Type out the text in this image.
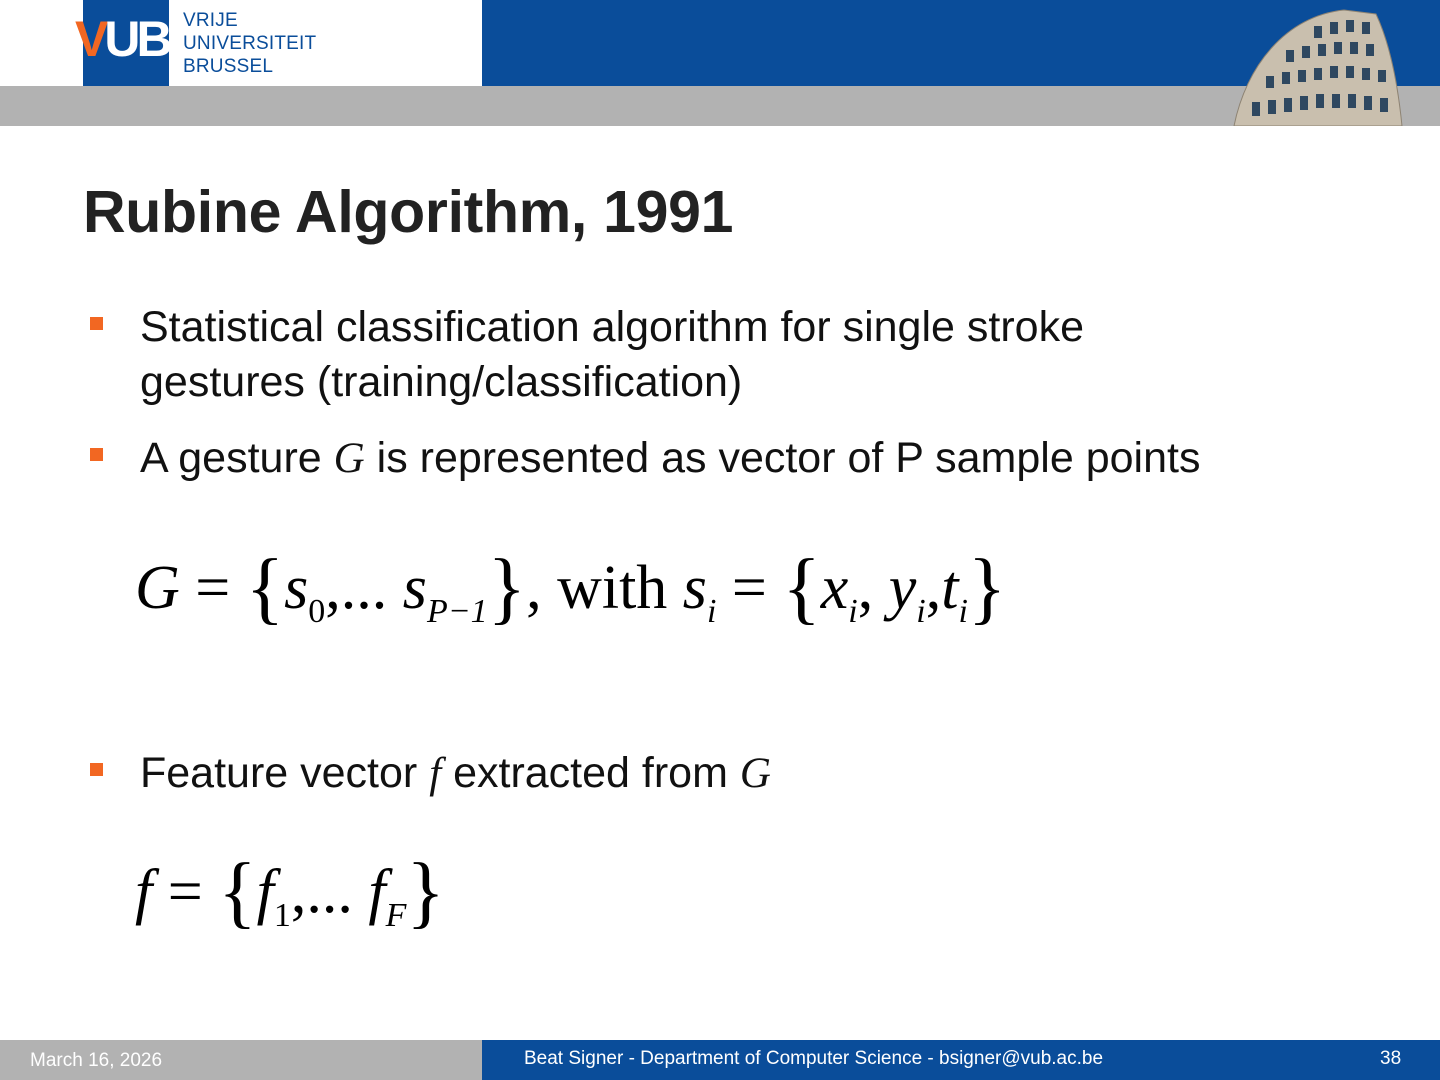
VUB VRIJE
UNIVERSITEIT
BRUSSEL
Rubine Algorithm, 1991
Statistical classification algorithm for single stroke
gestures (training/classification)
A gesture G is represented as vector of P sample points
$G = \{s_0$,... $s_{P-1}$}, with $s_i = \{x_i$, $y_i,t_i$}
Feature vector f extracted from G
$f = \{f_1$,... $f_F$}
March 16, 2026	Beat Signer - Department of Computer Science - bsigner@vub.ac.be	38
